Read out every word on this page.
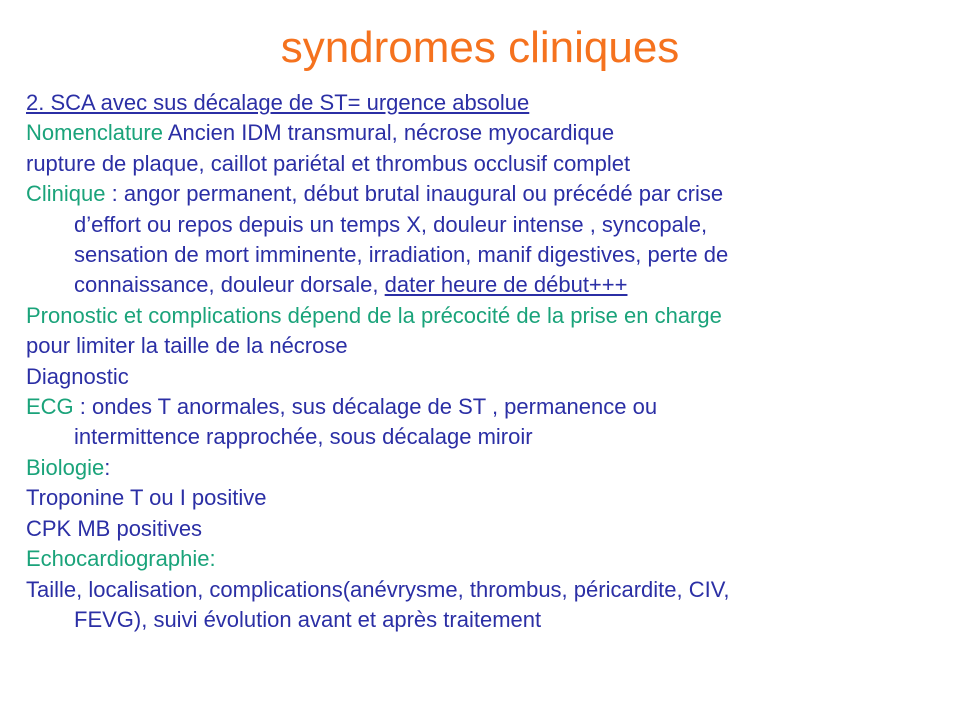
syndromes cliniques
2. SCA avec sus décalage de ST= urgence absolue
Nomenclature Ancien IDM transmural, nécrose myocardique
rupture de plaque, caillot pariétal et thrombus occlusif complet
Clinique : angor permanent, début brutal inaugural ou précédé par crise
d’effort ou repos depuis un temps X, douleur intense , syncopale,
sensation de mort imminente, irradiation, manif digestives, perte de
connaissance, douleur dorsale, dater heure de début+++
Pronostic et complications dépend de la précocité de la prise en charge
pour limiter la taille de la nécrose
Diagnostic
ECG : ondes T anormales, sus décalage de ST , permanence ou
intermittence rapprochée, sous décalage miroir
Biologie:
Troponine T ou I positive
CPK MB positives
Echocardiographie:
Taille, localisation, complications(anévrysme, thrombus, péricardite, CIV,
FEVG), suivi évolution avant et après traitement
